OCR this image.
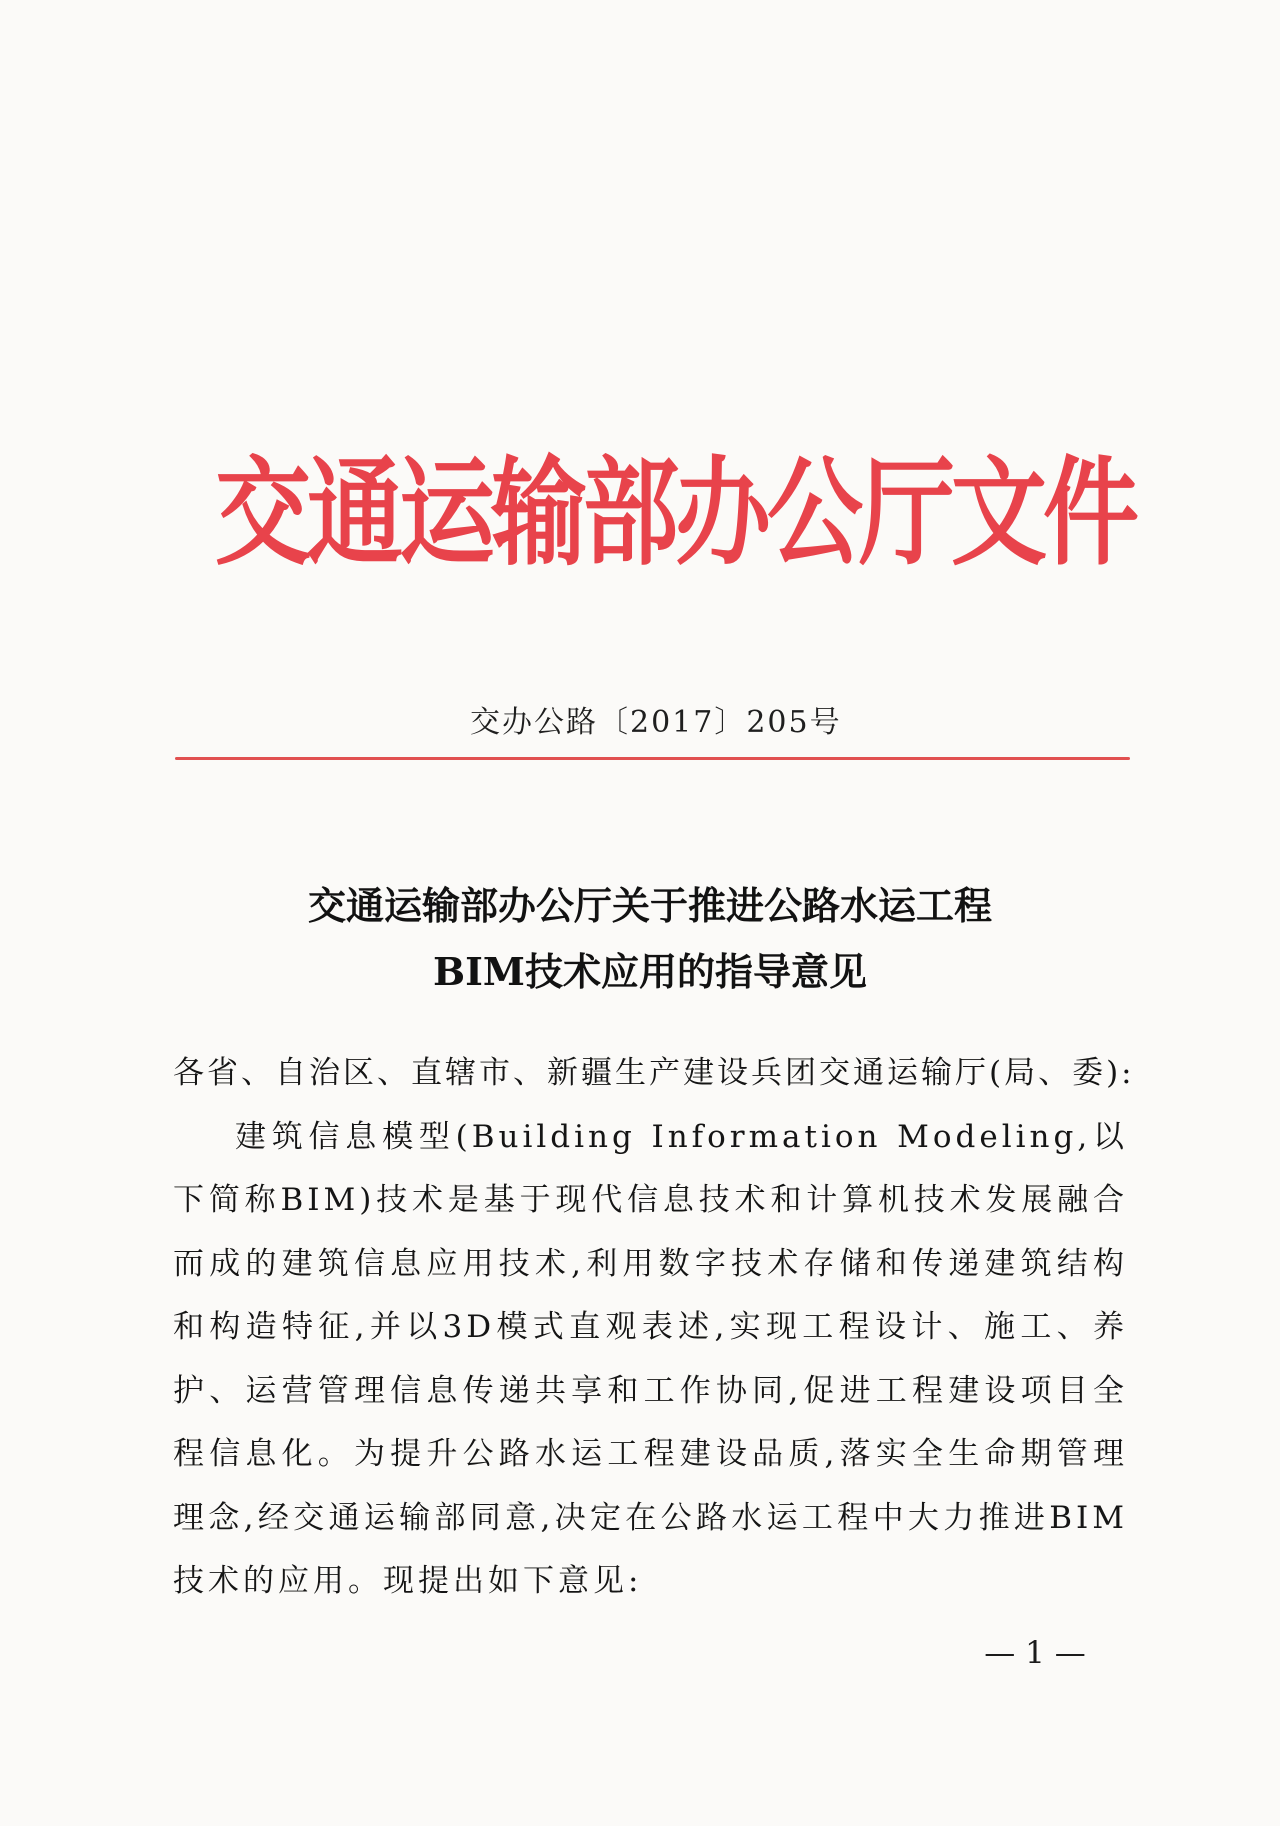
交通运输部办公厅文件
交办公路〔2017〕205号
交通运输部办公厅关于推进公路水运工程
BIM技术应用的指导意见

各省、自治区、直辖市、新疆生产建设兵团交通运输厅(局、委):

建筑信息模型(Building Information Modeling,以下简称BIM)技术是基于现代信息技术和计算机技术发展融合而成的建筑信息应用技术,利用数字技术存储和传递建筑结构和构造特征,并以3D模式直观表述,实现工程设计、施工、养护、运营管理信息传递共享和工作协同,促进工程建设项目全程信息化。为提升公路水运工程建设品质,落实全生命期管理理念,经交通运输部同意,决定在公路水运工程中大力推进BIM技术的应用。现提出如下意见:

— 1 —
